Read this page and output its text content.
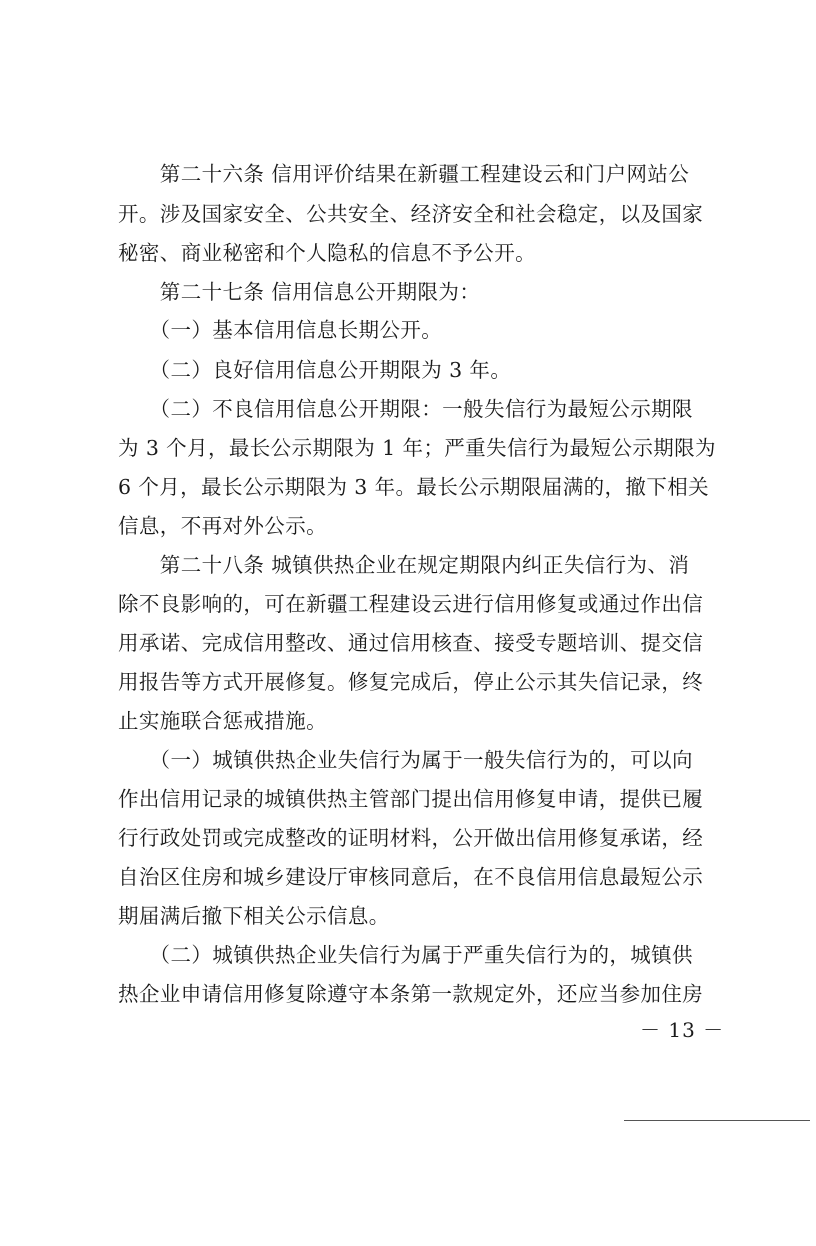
　　第二十六条 信用评价结果在新疆工程建设云和门户网站公
开。涉及国家安全、公共安全、经济安全和社会稳定，以及国家
秘密、商业秘密和个人隐私的信息不予公开。
　　第二十七条 信用信息公开期限为：
　　（一）基本信用信息长期公开。
　　（二）良好信用信息公开期限为 3 年。
　　（二）不良信用信息公开期限：一般失信行为最短公示期限
为 3 个月，最长公示期限为 1 年；严重失信行为最短公示期限为
6 个月，最长公示期限为 3 年。最长公示期限届满的，撤下相关
信息，不再对外公示。
　　第二十八条 城镇供热企业在规定期限内纠正失信行为、消
除不良影响的，可在新疆工程建设云进行信用修复或通过作出信
用承诺、完成信用整改、通过信用核查、接受专题培训、提交信
用报告等方式开展修复。修复完成后，停止公示其失信记录，终
止实施联合惩戒措施。
　　（一）城镇供热企业失信行为属于一般失信行为的，可以向
作出信用记录的城镇供热主管部门提出信用修复申请，提供已履
行行政处罚或完成整改的证明材料，公开做出信用修复承诺，经
自治区住房和城乡建设厅审核同意后，在不良信用信息最短公示
期届满后撤下相关公示信息。
　　（二）城镇供热企业失信行为属于严重失信行为的，城镇供
热企业申请信用修复除遵守本条第一款规定外，还应当参加住房
－ 13 －
